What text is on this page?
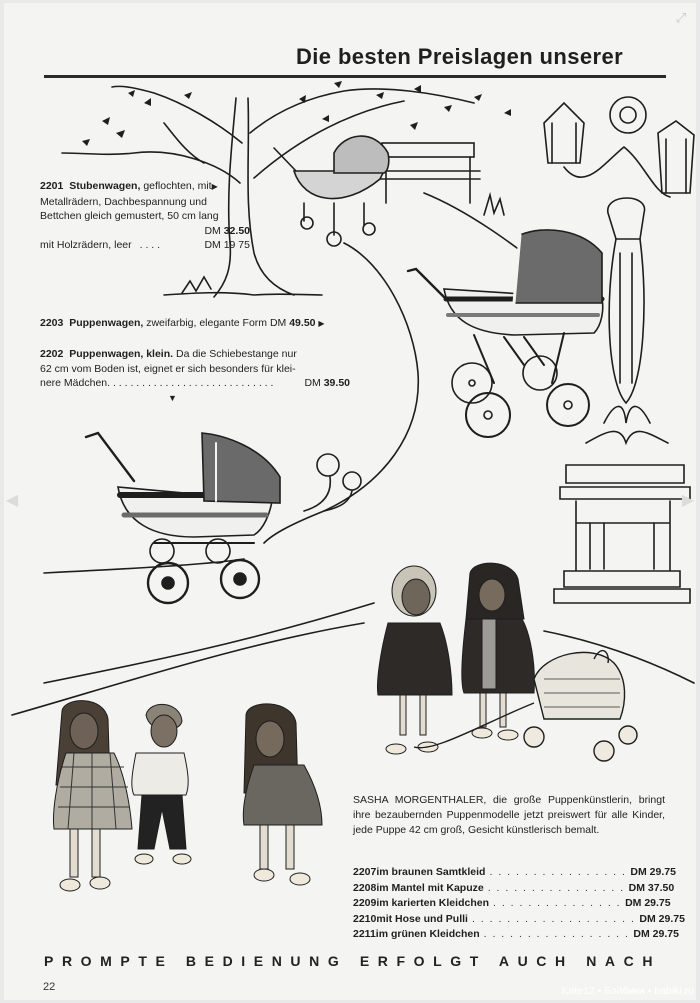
⤢
Die besten Preislagen unserer
2201 Stubenwagen, geflochten, mit▶
Metallrädern, Dachbespannung und
Bettchen gleich gemustert, 50 cm lang
DM 32.50
mit Holzrädern, leer . . . .	DM 19 75
2203 Puppenwagen, zweifarbig, elegante Form DM 49.50 ▶
2202 Puppenwagen, klein. Da die Schiebestange nur
62 cm vom Boden ist, eignet er sich besonders für klei-
nere Mädchen. . . . . . . . . . . . . . . . . . . . . . . . . . . . .	DM
39.50
▼
SASHA MORGENTHALER, die große Puppenkünstlerin, bringt ihre bezaubernden Puppenmodelle jetzt preiswert für alle Kinder, jede Puppe 42 cm groß, Gesicht künstlerisch bemalt.
2207 im braunen Samtkleid . . . . . . . . . . . . . . . . DM 29.75
2208 im Mantel mit Kapuze . . . . . . . . . . . . . . . . DM 37.50
2209 im karierten Kleidchen . . . . . . . . . . . . . . . DM 29.75
2210 mit Hose und Pulli . . . . . . . . . . . . . . . . . . . DM 29.75
2211 im grünen Kleidchen . . . . . . . . . . . . . . . . . DM 29.75
PROMPTE BEDIENUNG ERFOLGT AUCH NACH
22
◀	▶
Kate12 • Бэйбики • babiki.ru
